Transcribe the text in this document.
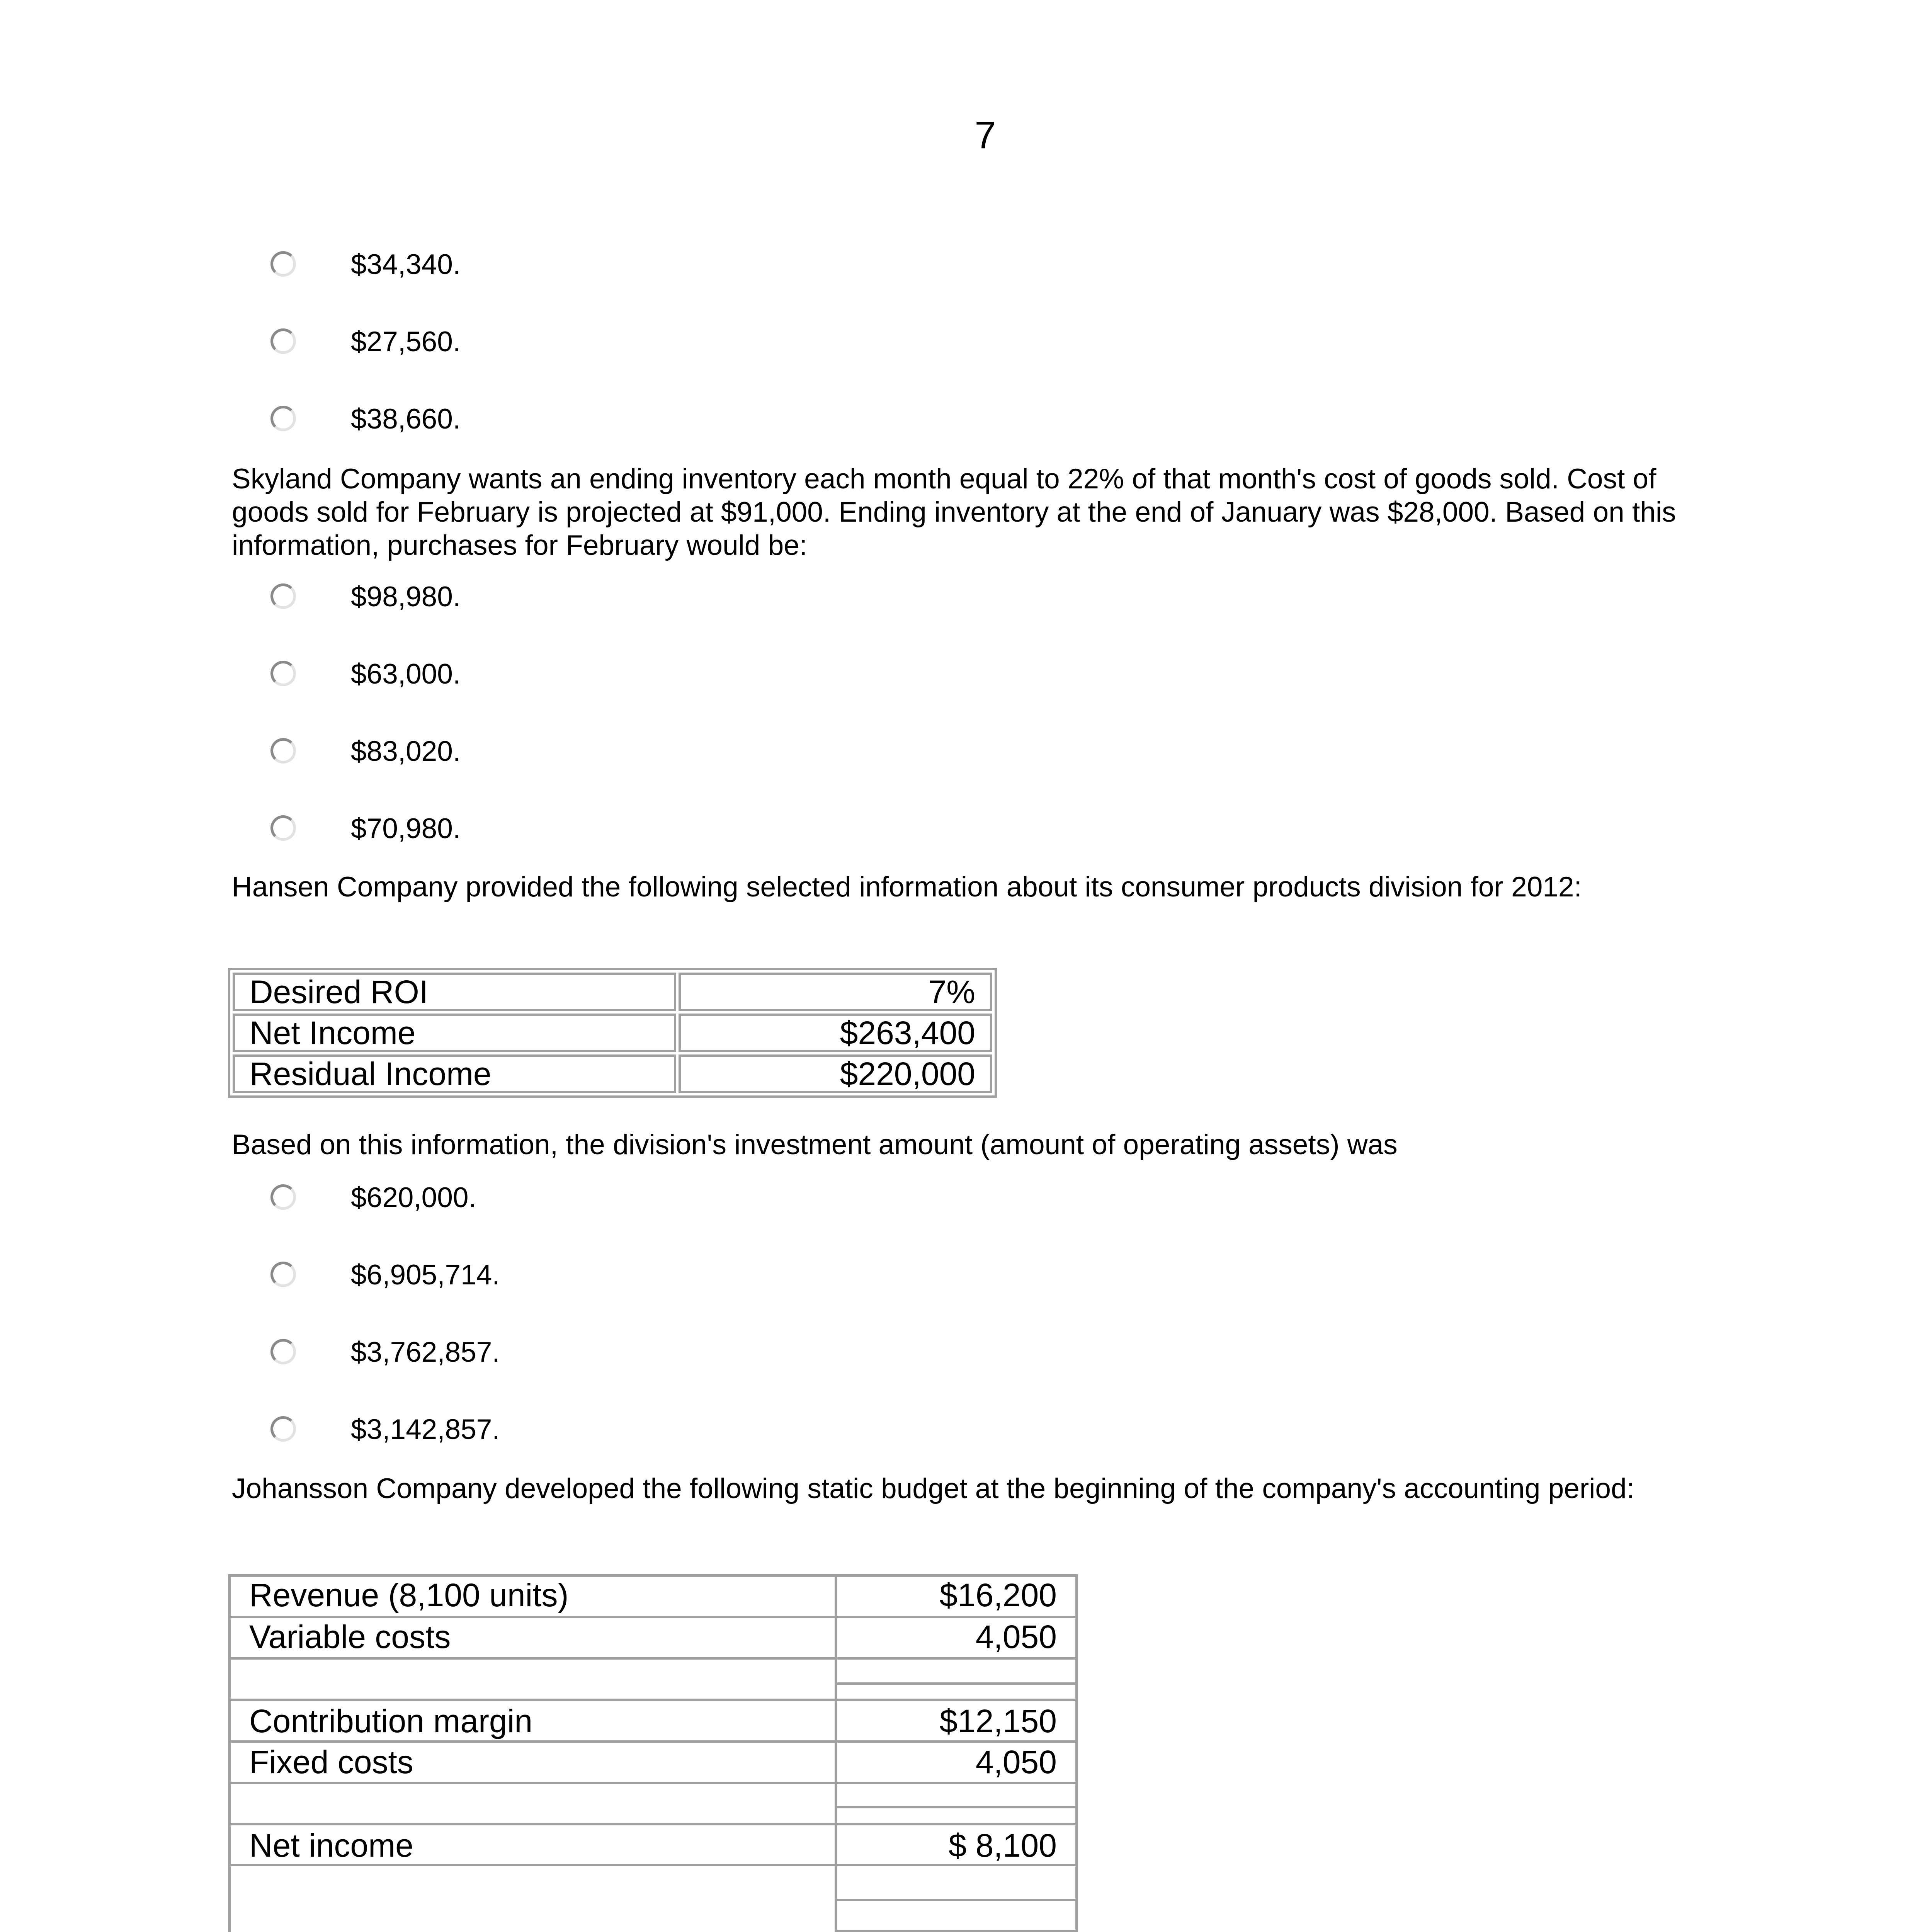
7
$34,340.
$27,560.
$38,660.
Skyland Company wants an ending inventory each month equal to 22% of that month's cost of goods sold. Cost of goods sold for February is projected at $91,000. Ending inventory at the end of January was $28,000. Based on this information, purchases for February would be:
$98,980.
$63,000.
$83,020.
$70,980.
Hansen Company provided the following selected information about its consumer products division for 2012:
Desired ROI	7%
Net Income	$263,400
Residual Income	$220,000
Based on this information, the division's investment amount (amount of operating assets) was
$620,000.
$6,905,714.
$3,762,857.
$3,142,857.
Johansson Company developed the following static budget at the beginning of the company's accounting period:
Revenue (8,100 units)	$16,200
Variable costs	4,050
Contribution margin	$12,150
Fixed costs	4,050
Net income	$ 8,100
